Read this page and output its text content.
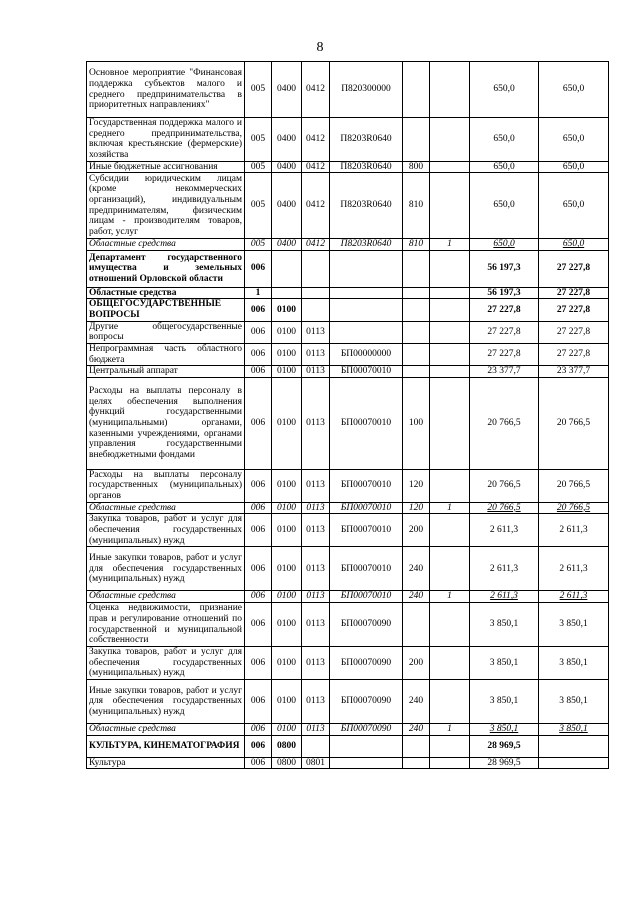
8
Основное мероприятие "Финансовая поддержка субъектов малого и среднего предпринимательства в приоритетных направлениях"	005	0400	0412	П820300000			650,0	650,0
Государственная поддержка малого и среднего предпринимательства, включая крестьянские (фермерские) хозяйства	005	0400	0412	П8203R0640			650,0	650,0
Иные бюджетные ассигнования	005	0400	0412	П8203R0640	800		650,0	650,0
Субсидии юридическим лицам (кроме некоммерческих организаций), индивидуальным предпринимателям, физическим лицам - производителям товаров, работ, услуг	005	0400	0412	П8203R0640	810		650,0	650,0
Областные средства	005	0400	0412	П8203R0640	810	1	650,0	650,0
Департамент государственного имущества и земельных отношений Орловской области	006						56 197,3	27 227,8
Областные средства	1						56 197,3	27 227,8
ОБЩЕГОСУДАРСТВЕННЫЕ ВОПРОСЫ	006	0100					27 227,8	27 227,8
Другие общегосударственные вопросы	006	0100	0113				27 227,8	27 227,8
Непрограммная часть областного бюджета	006	0100	0113	БП00000000			27 227,8	27 227,8
Центральный аппарат	006	0100	0113	БП00070010			23 377,7	23 377,7
Расходы на выплаты персоналу в целях обеспечения выполнения функций государственными (муниципальными) органами, казенными учреждениями, органами управления государственными внебюджетными фондами	006	0100	0113	БП00070010	100		20 766,5	20 766,5
Расходы на выплаты персоналу государственных (муниципальных) органов	006	0100	0113	БП00070010	120		20 766,5	20 766,5
Областные средства	006	0100	0113	БП00070010	120	1	20 766,5	20 766,5
Закупка товаров, работ и услуг для обеспечения государственных (муниципальных) нужд	006	0100	0113	БП00070010	200		2 611,3	2 611,3
Иные закупки товаров, работ и услуг для обеспечения государственных (муниципальных) нужд	006	0100	0113	БП00070010	240		2 611,3	2 611,3
Областные средства	006	0100	0113	БП00070010	240	1	2 611,3	2 611,3
Оценка недвижимости, признание прав и регулирование отношений по государственной и муниципальной собственности	006	0100	0113	БП00070090			3 850,1	3 850,1
Закупка товаров, работ и услуг для обеспечения государственных (муниципальных) нужд	006	0100	0113	БП00070090	200		3 850,1	3 850,1
Иные закупки товаров, работ и услуг для обеспечения государственных (муниципальных) нужд	006	0100	0113	БП00070090	240		3 850,1	3 850,1
Областные средства	006	0100	0113	БП00070090	240	1	3 850,1	3 850,1
КУЛЬТУРА, КИНЕМАТОГРАФИЯ	006	0800					28 969,5	
Культура	006	0800	0801				28 969,5	
